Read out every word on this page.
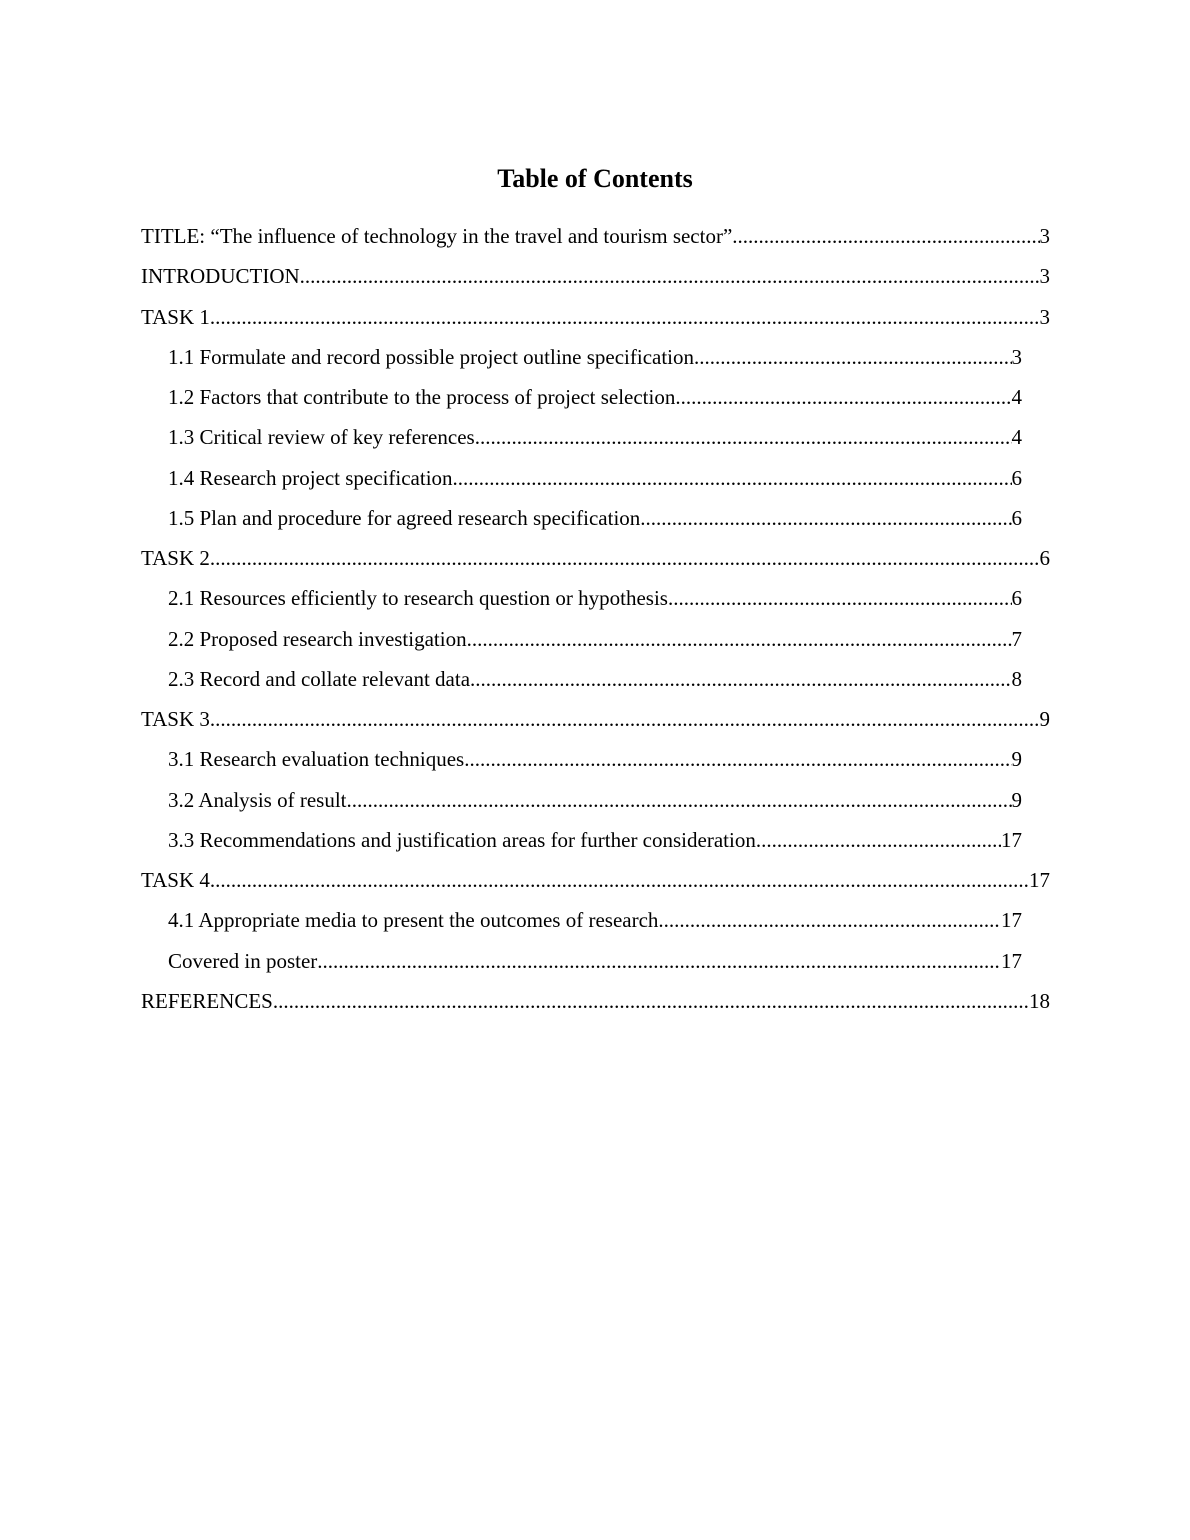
Table of Contents
TITLE: “The influence of technology in the travel and tourism sector”. .....	3
INTRODUCTION .....	3
TASK 1 .....	3
1.1 Formulate and record possible project outline specification .....	3
1.2 Factors that contribute to the process of project selection .....	4
1.3 Critical review of key references .....	4
1.4 Research project specification .....	6
1.5 Plan and procedure for agreed research specification .....	6
TASK 2 .....	6
2.1 Resources efficiently to research question or hypothesis .....	6
2.2 Proposed research investigation .....	7
2.3 Record and collate relevant data .....	8
TASK 3 .....	9
3.1 Research evaluation techniques .....	9
3.2 Analysis of result .....	9
3.3 Recommendations and justification areas for further consideration .....	17
TASK 4 .....	17
4.1 Appropriate media to present the outcomes of research .....	17
Covered in poster .....	17
REFERENCES .....	18
